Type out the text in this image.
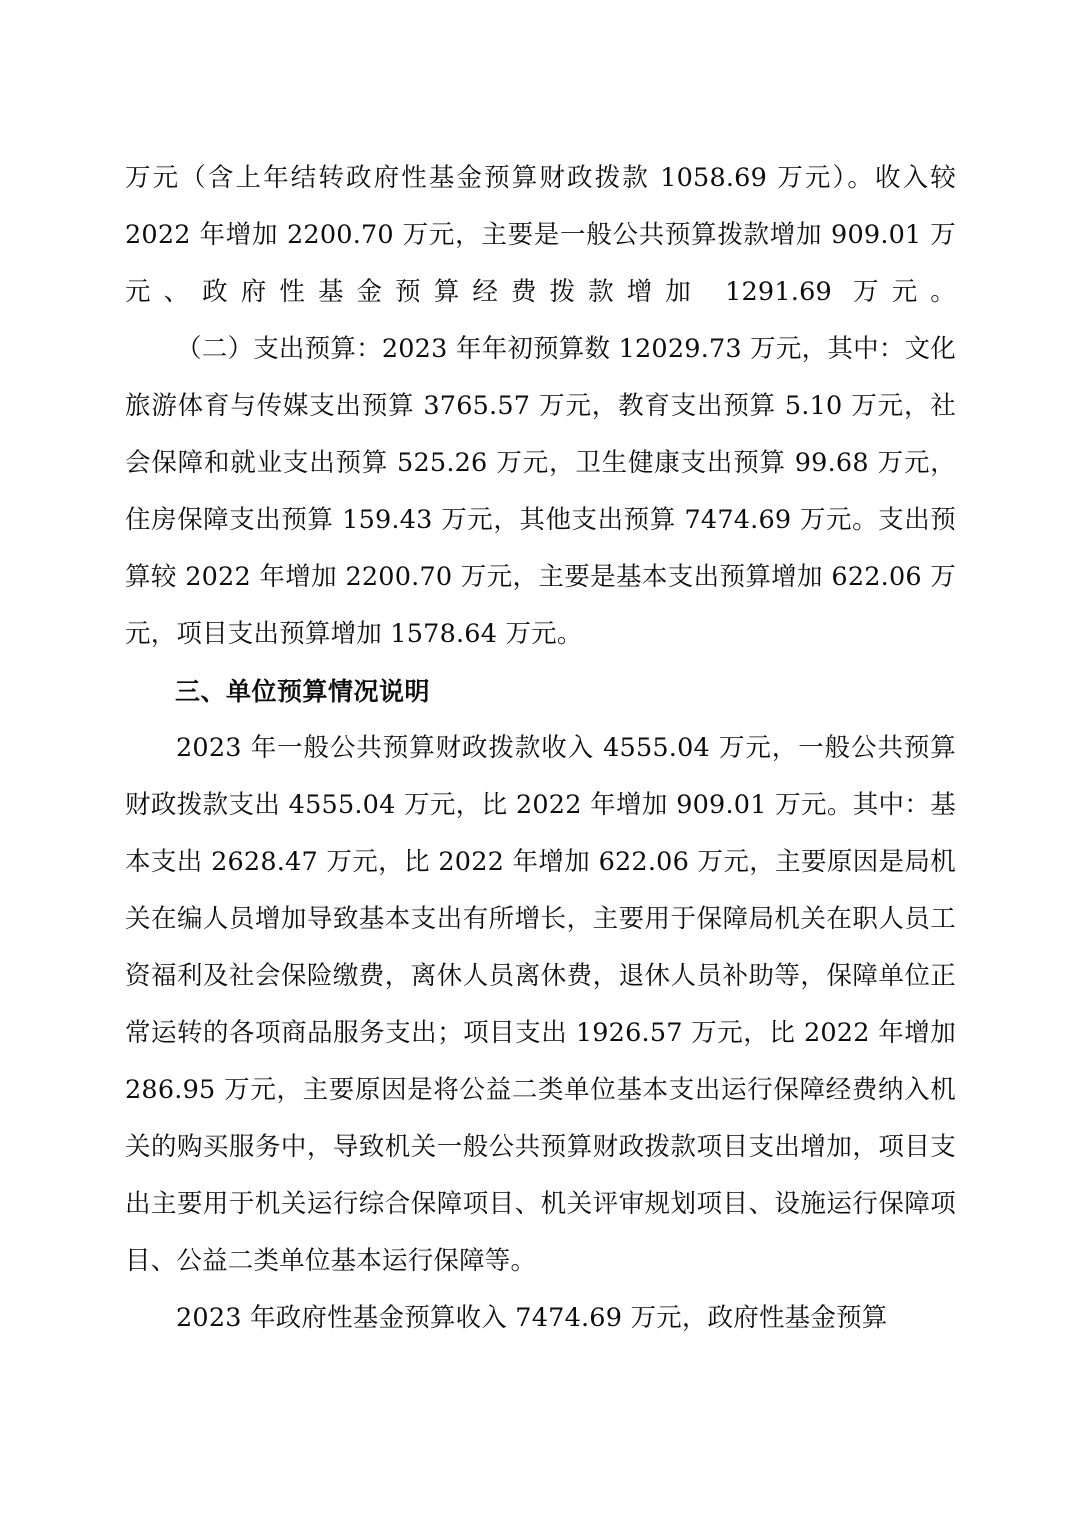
万元（含上年结转政府性基金预算财政拨款 1058.69 万元）。收入较 2022 年增加 2200.70 万元，主要是一般公共预算拨款增加 909.01 万元、政府性基金预算经费拨款增加 1291.69 万元。

（二）支出预算：2023 年年初预算数 12029.73 万元，其中：文化旅游体育与传媒支出预算 3765.57 万元，教育支出预算 5.10 万元，社会保障和就业支出预算 525.26 万元，卫生健康支出预算 99.68 万元，住房保障支出预算 159.43 万元，其他支出预算 7474.69 万元。支出预算较 2022 年增加 2200.70 万元，主要是基本支出预算增加 622.06 万元，项目支出预算增加 1578.64 万元。

三、单位预算情况说明

2023 年一般公共预算财政拨款收入 4555.04 万元，一般公共预算财政拨款支出 4555.04 万元，比 2022 年增加 909.01 万元。其中：基本支出 2628.47 万元，比 2022 年增加 622.06 万元，主要原因是局机关在编人员增加导致基本支出有所增长，主要用于保障局机关在职人员工资福利及社会保险缴费，离休人员离休费，退休人员补助等，保障单位正常运转的各项商品服务支出；项目支出 1926.57 万元，比 2022 年增加 286.95 万元，主要原因是将公益二类单位基本支出运行保障经费纳入机关的购买服务中，导致机关一般公共预算财政拨款项目支出增加，项目支出主要用于机关运行综合保障项目、机关评审规划项目、设施运行保障项目、公益二类单位基本运行保障等。

2023 年政府性基金预算收入 7474.69 万元，政府性基金预算
